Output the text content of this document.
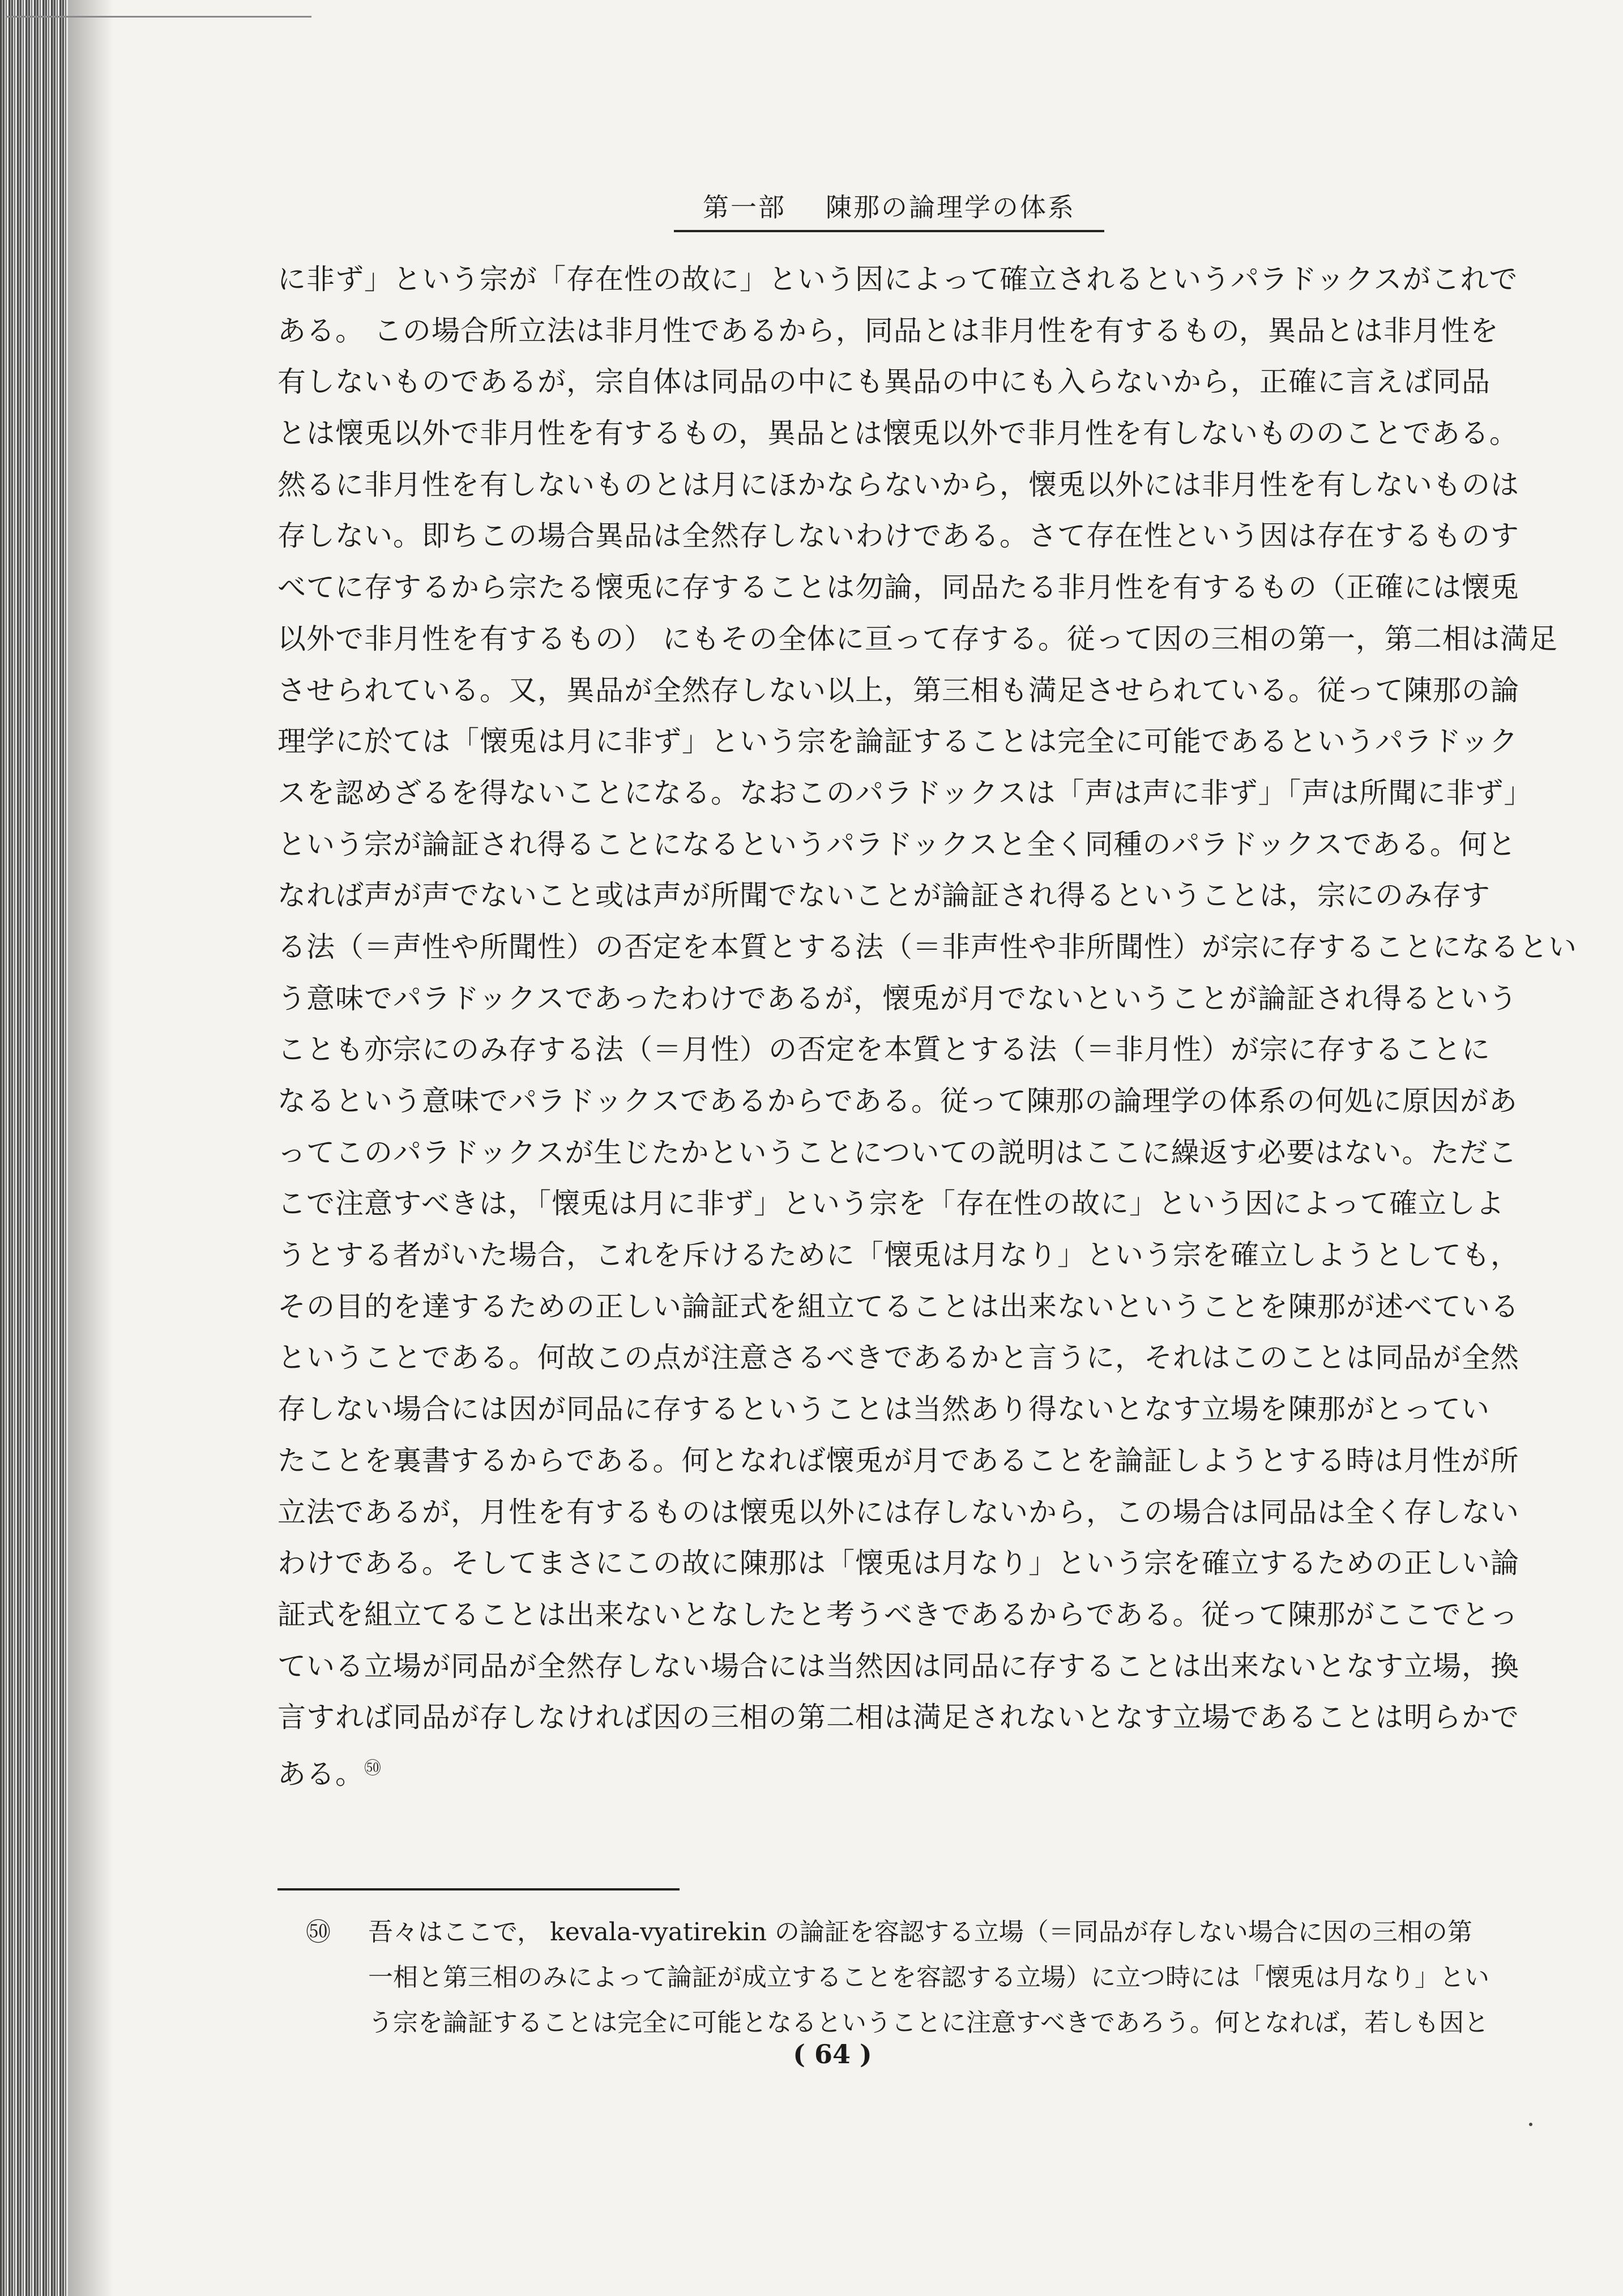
第一部 陳那の論理学の体系
に非ず」という宗が「存在性の故に」という因によって確立されるというパラドックスがこれで
ある。 この場合所立法は非月性であるから，同品とは非月性を有するもの，異品とは非月性を
有しないものであるが，宗自体は同品の中にも異品の中にも入らないから，正確に言えば同品
とは懐兎以外で非月性を有するもの，異品とは懐兎以外で非月性を有しないもののことである。
然るに非月性を有しないものとは月にほかならないから，懐兎以外には非月性を有しないものは
存しない。即ちこの場合異品は全然存しないわけである。さて存在性という因は存在するものす
べてに存するから宗たる懐兎に存することは勿論，同品たる非月性を有するもの（正確には懐兎
以外で非月性を有するもの） にもその全体に亘って存する。従って因の三相の第一，第二相は満足
させられている。又，異品が全然存しない以上，第三相も満足させられている。従って陳那の論
理学に於ては「懐兎は月に非ず」という宗を論証することは完全に可能であるというパラドック
スを認めざるを得ないことになる。なおこのパラドックスは「声は声に非ず」「声は所聞に非ず」
という宗が論証され得ることになるというパラドックスと全く同種のパラドックスである。何と
なれば声が声でないこと或は声が所聞でないことが論証され得るということは，宗にのみ存す
る法（＝声性や所聞性）の否定を本質とする法（＝非声性や非所聞性）が宗に存することになるとい
う意味でパラドックスであったわけであるが，懐兎が月でないということが論証され得るという
ことも亦宗にのみ存する法（＝月性）の否定を本質とする法（＝非月性）が宗に存することに
なるという意味でパラドックスであるからである。従って陳那の論理学の体系の何処に原因があ
ってこのパラドックスが生じたかということについての説明はここに繰返す必要はない。ただこ
こで注意すべきは，「懐兎は月に非ず」という宗を「存在性の故に」という因によって確立しよ
うとする者がいた場合，これを斥けるために「懐兎は月なり」という宗を確立しようとしても，
その目的を達するための正しい論証式を組立てることは出来ないということを陳那が述べている
ということである。何故この点が注意さるべきであるかと言うに，それはこのことは同品が全然
存しない場合には因が同品に存するということは当然あり得ないとなす立場を陳那がとってい
たことを裏書するからである。何となれば懐兎が月であることを論証しようとする時は月性が所
立法であるが，月性を有するものは懐兎以外には存しないから，この場合は同品は全く存しない
わけである。そしてまさにこの故に陳那は「懐兎は月なり」という宗を確立するための正しい論
証式を組立てることは出来ないとなしたと考うべきであるからである。従って陳那がここでとっ
ている立場が同品が全然存しない場合には当然因は同品に存することは出来ないとなす立場，換
言すれば同品が存しなければ因の三相の第二相は満足されないとなす立場であることは明らかで
ある。$^㊿$
㊿ 吾々はここで， kevala-vyatirekin の論証を容認する立場（＝同品が存しない場合に因の三相の第
一相と第三相のみによって論証が成立することを容認する立場）に立つ時には「懐兎は月なり」とい
う宗を論証することは完全に可能となるということに注意すべきであろう。何となれば，若しも因と
( 64 )
